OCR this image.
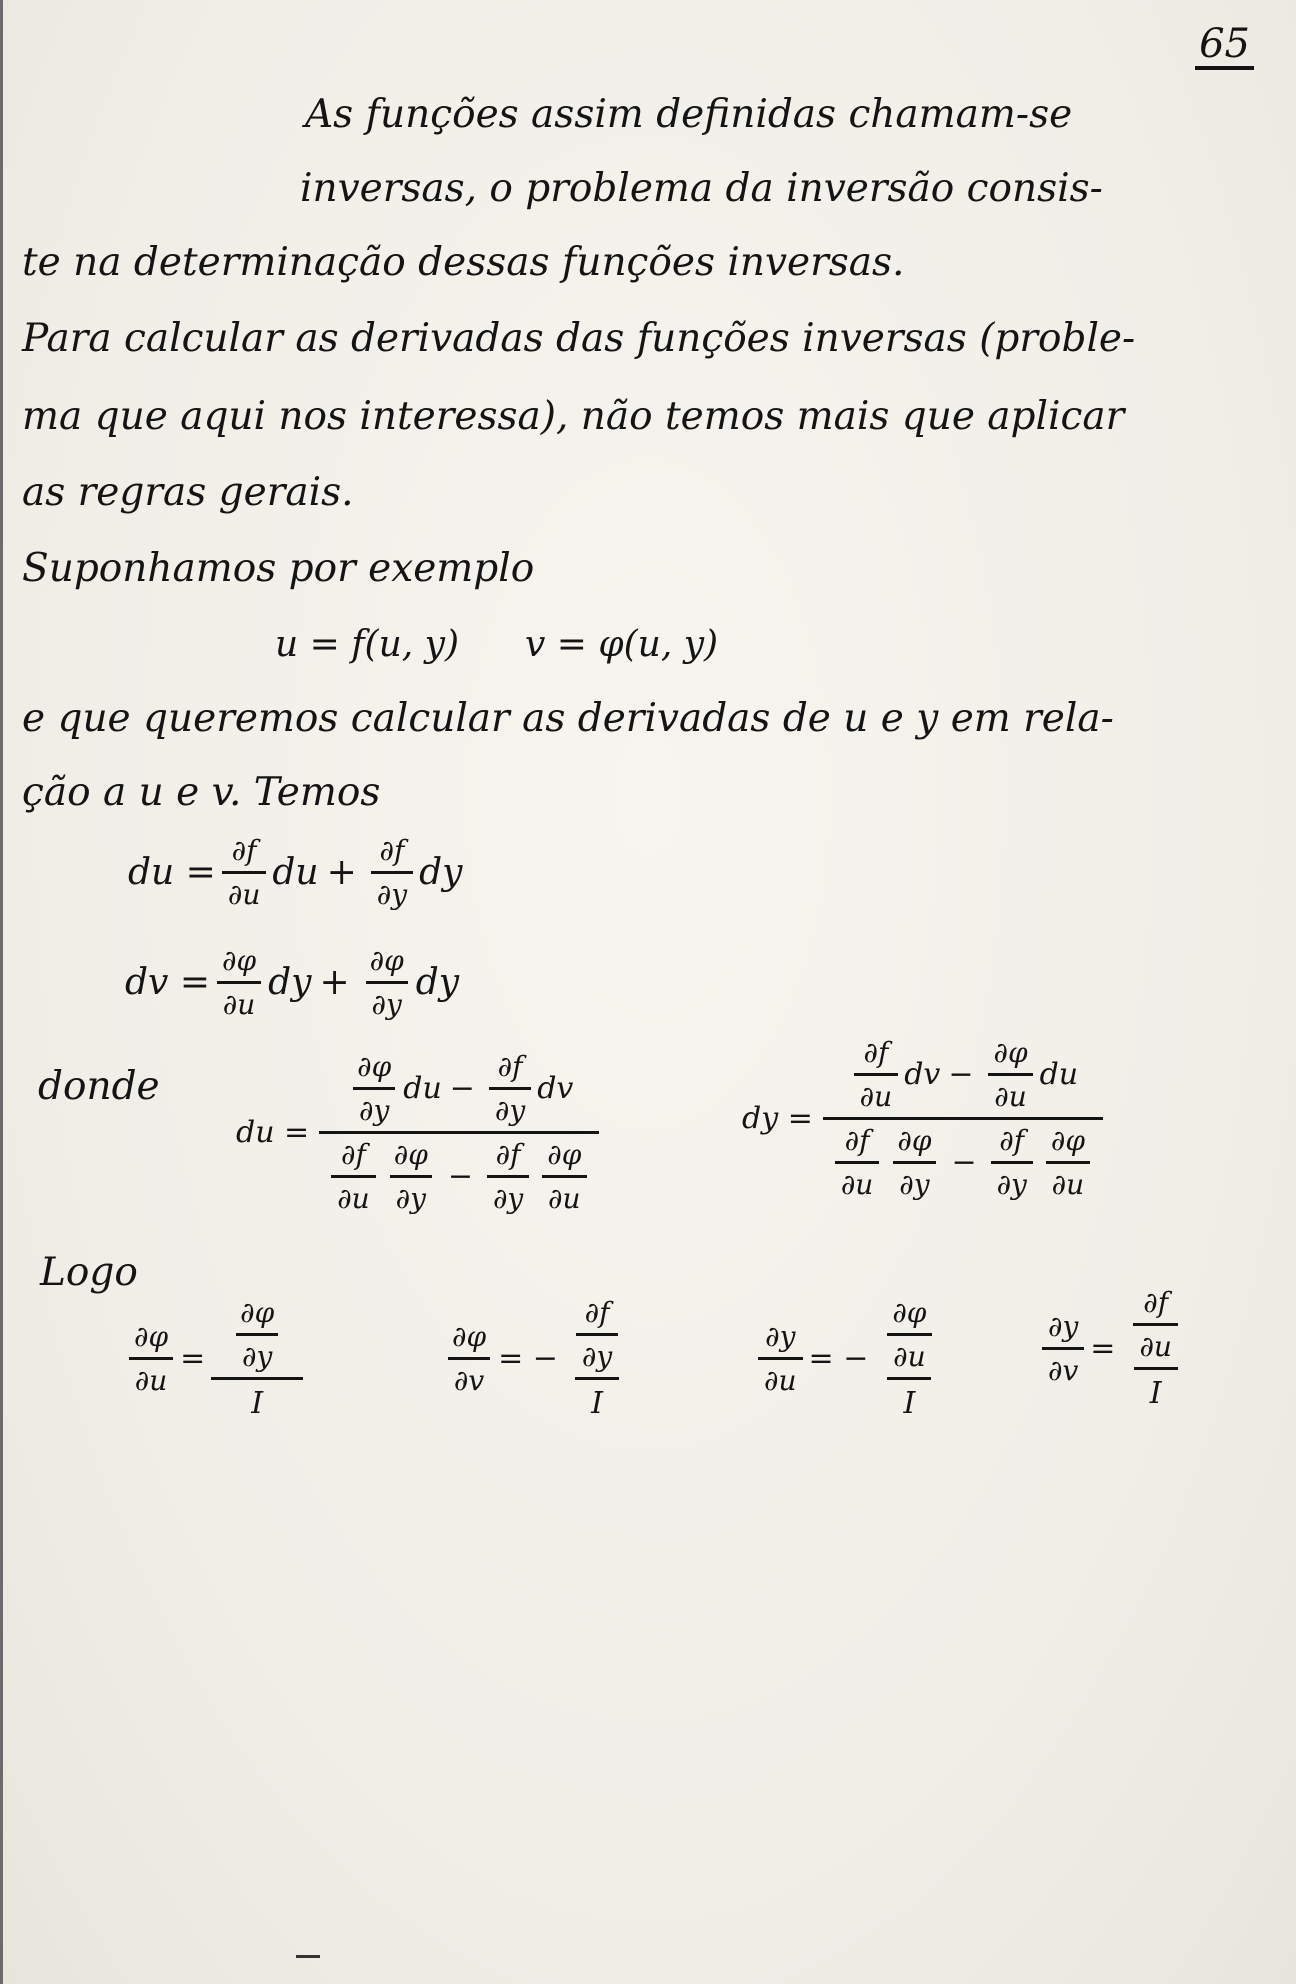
65
As funções assim definidas chamam-se
inversas, o problema da inversão consis-
te na determinação dessas funções inversas.
Para calcular as derivadas das funções inversas (proble-
ma que aqui nos interessa), não temos mais que aplicar
as regras gerais.
Suponhamos por exemplo
u = f(u, y) v = φ(u, y)
e que queremos calcular as derivadas de u e y em rela-
ção a u e v. Temos
du = $\frac{\partial f}{\partial u}$ du + $\frac{\partial f}{\partial y}$ dy
dv = $\frac{\partial\varphi}{\partial u}$ dy + $\frac{\partial\varphi}{\partial y}$ dy
donde
du =
$\frac{\partial\varphi}{\partial y}$ du − $\frac{\partial f}{\partial y}$ dv
$\frac{\partial f}{\partial u} \frac{\partial\varphi}{\partial y} - \frac{\partial f}{\partial y} \frac{\partial\varphi}{\partial u}$
dy =
$\frac{\partial f}{\partial u}$ dv − $\frac{\partial\varphi}{\partial u}$ du
$\frac{\partial f}{\partial u} \frac{\partial\varphi}{\partial y} - \frac{\partial f}{\partial y} \frac{\partial\varphi}{\partial u}$
Logo
$\frac{\partial\varphi}{\partial u} = \frac{\frac{\partial\varphi}{\partial y}}{I}$	$\frac{\partial\varphi}{\partial v}$ = − $\frac{\frac{\partial f}{\partial y}}{I}$	$\frac{\partial y}{\partial u}$ = − $\frac{\frac{\partial\varphi}{\partial u}}{I}$	$\frac{\partial y}{\partial v} = \frac{\frac{\partial f}{\partial u}}{I}$
